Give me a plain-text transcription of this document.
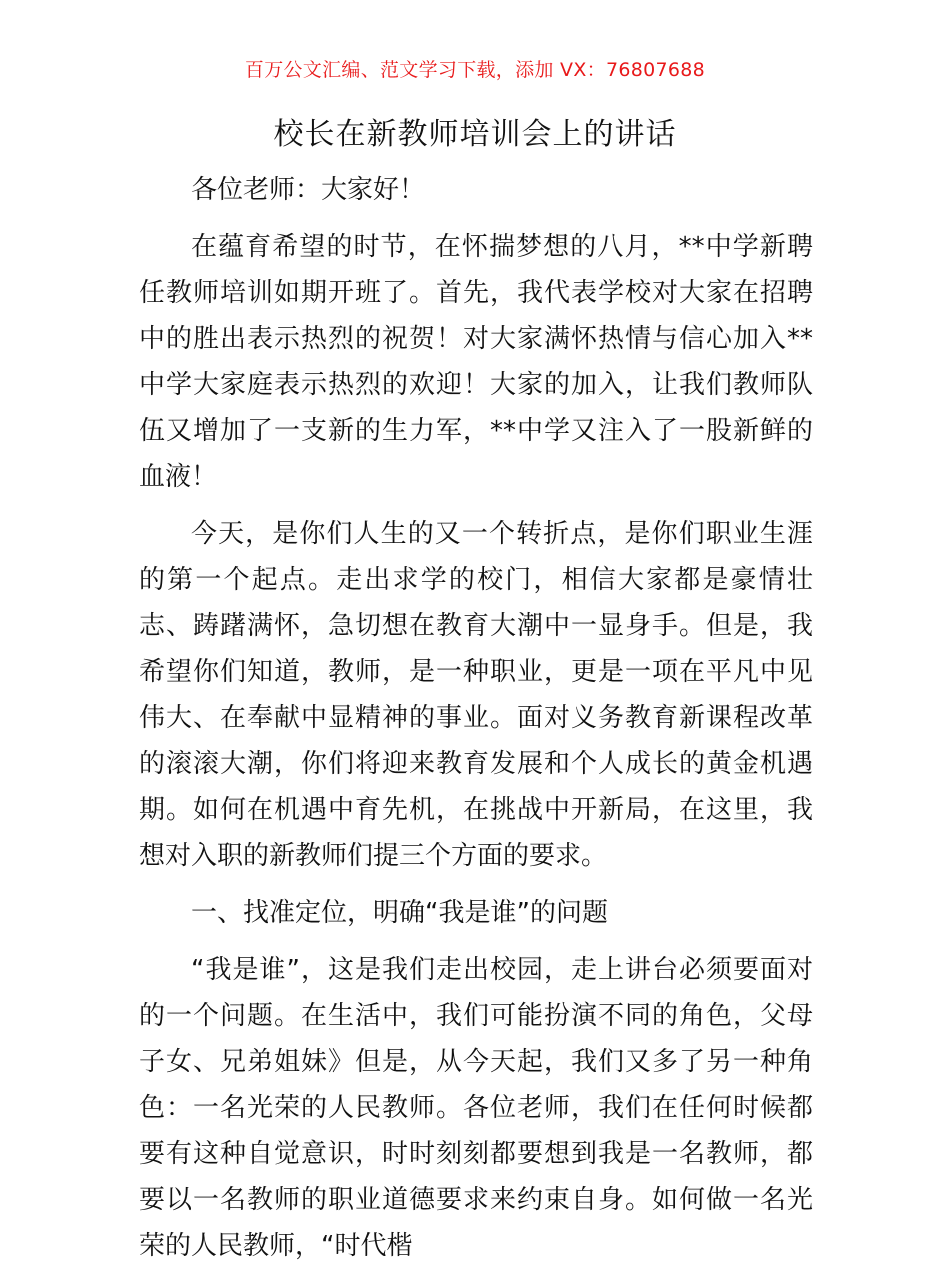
百万公文汇编、范文学习下载，添加 VX：76807688
校长在新教师培训会上的讲话

各位老师：大家好！

在蕴育希望的时节，在怀揣梦想的八月，**中学新聘任教师培训如期开班了。首先，我代表学校对大家在招聘中的胜出表示热烈的祝贺！对大家满怀热情与信心加入**中学大家庭表示热烈的欢迎！大家的加入，让我们教师队伍又增加了一支新的生力军，**中学又注入了一股新鲜的血液！

今天，是你们人生的又一个转折点，是你们职业生涯的第一个起点。走出求学的校门，相信大家都是豪情壮志、踌躇满怀，急切想在教育大潮中一显身手。但是，我希望你们知道，教师，是一种职业，更是一项在平凡中见伟大、在奉献中显精神的事业。面对义务教育新课程改革的滚滚大潮，你们将迎来教育发展和个人成长的黄金机遇期。如何在机遇中育先机，在挑战中开新局，在这里，我想对入职的新教师们提三个方面的要求。

一、找准定位，明确“我是谁”的问题

“我是谁”，这是我们走出校园，走上讲台必须要面对的一个问题。在生活中，我们可能扮演不同的角色，父母子女、兄弟姐妹》但是，从今天起，我们又多了另一种角色：一名光荣的人民教师。各位老师，我们在任何时候都要有这种自觉意识，时时刻刻都要想到我是一名教师，都要以一名教师的职业道德要求来约束自身。如何做一名光荣的人民教师，“时代楷
